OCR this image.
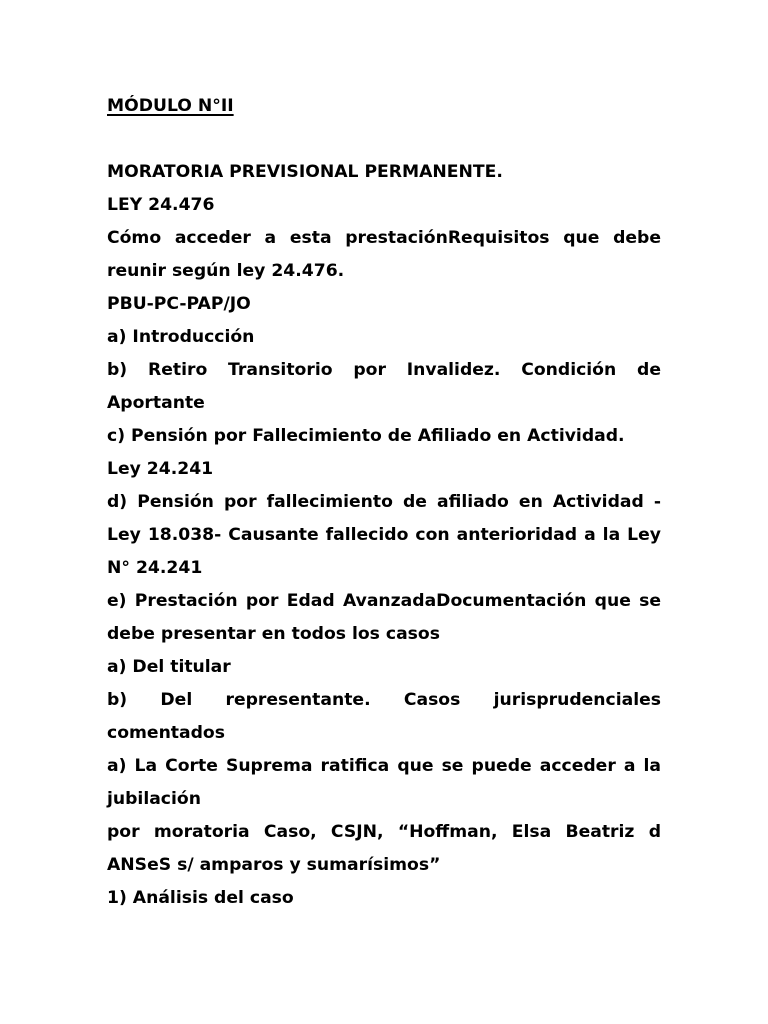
MÓDULO N°II

MORATORIA PREVISIONAL PERMANENTE.

LEY 24.476

Cómo acceder a esta prestaciónRequisitos que debe reunir según ley 24.476.

PBU-PC-PAP/JO

a) Introducción

b) Retiro Transitorio por Invalidez. Condición de Aportante

c) Pensión por Fallecimiento de Afiliado en Actividad.

Ley 24.241

d) Pensión por fallecimiento de afiliado en Actividad -Ley 18.038- Causante fallecido con anterioridad a la Ley N° 24.241

e) Prestación por Edad AvanzadaDocumentación que se debe presentar en todos los casos

a) Del titular

b) Del representante. Casos jurisprudenciales comentados

a) La Corte Suprema ratifica que se puede acceder a la jubilación

por moratoria Caso, CSJN, “Hoffman, Elsa Beatriz d ANSeS s/ amparos y sumarísimos”

1) Análisis del caso
